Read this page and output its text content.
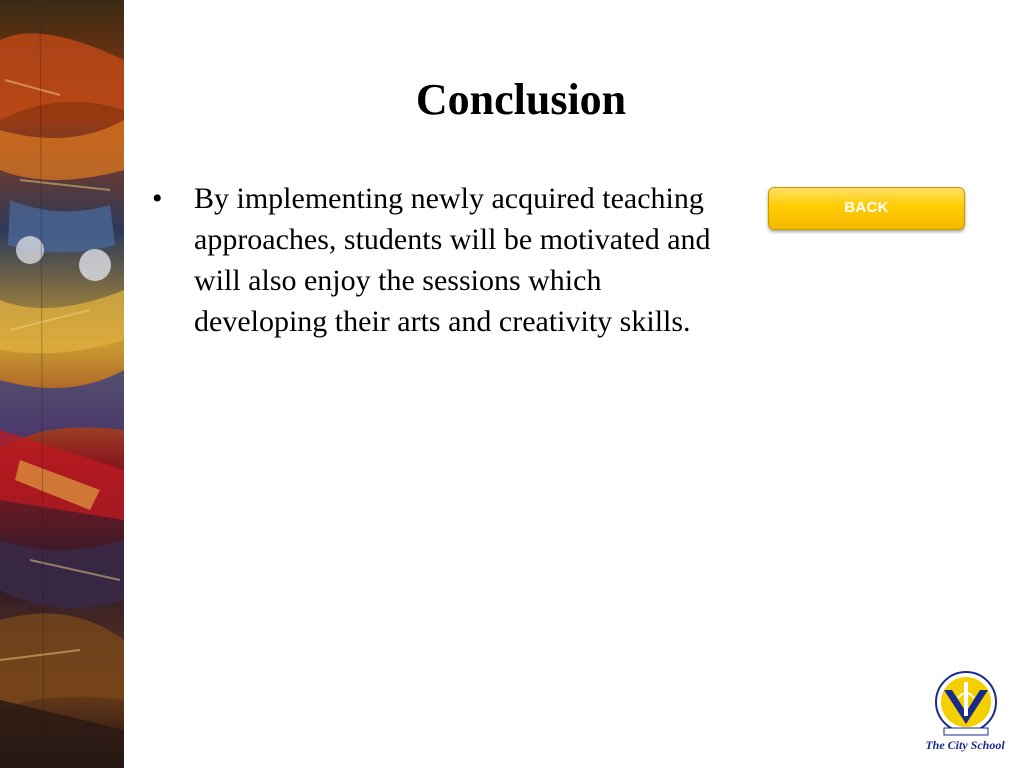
Conclusion
•	By implementing newly acquired teaching approaches, students will be motivated and will also enjoy the sessions which developing their arts and creativity skills.
BACK
The City School
